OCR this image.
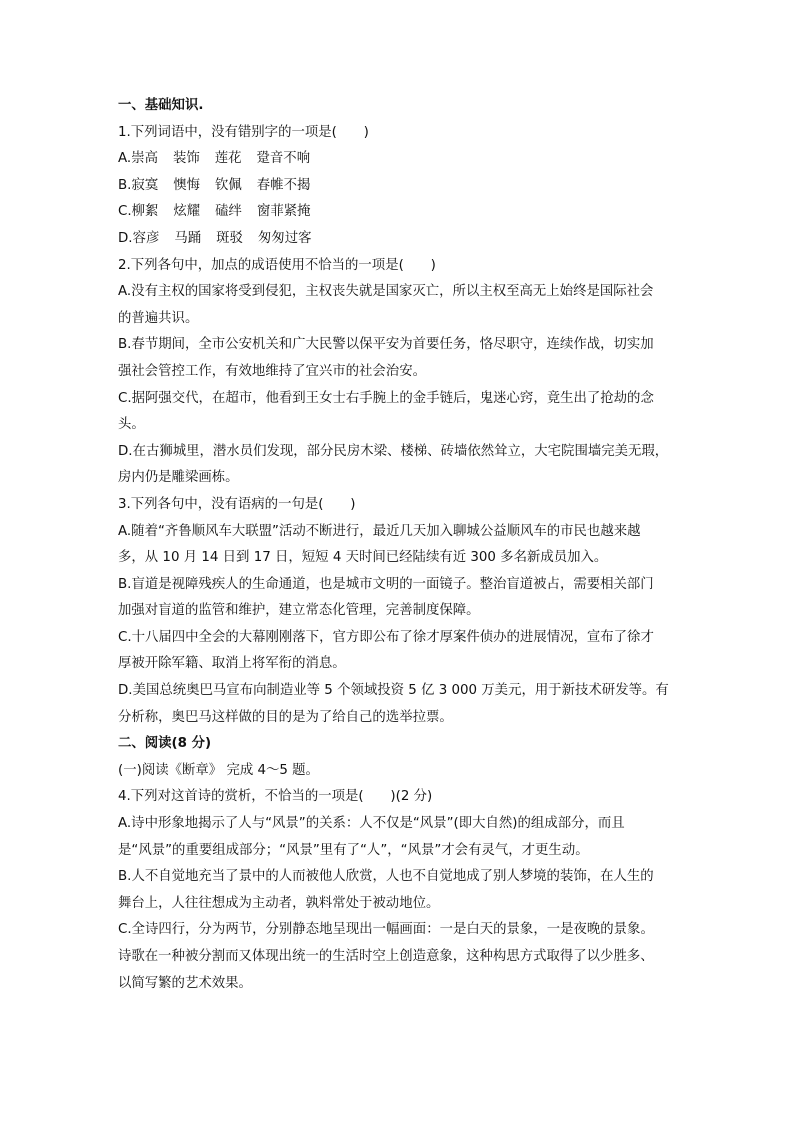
一、基础知识.
1.下列词语中，没有错别字的一项是(　　)
A.崇高 装饰 莲花 跫音不响
B.寂寞 懊悔 钦佩 春帷不揭
C.柳絮 炫耀 磕绊 窗菲紧掩
D.容彦 马踊 斑驳 匆匆过客
2.下列各句中，加点的成语使用不恰当的一项是(　　)
A.没有主权的国家将受到侵犯，主权丧失就是国家灭亡，所以主权至高无上始终是国际社会
的普遍共识。
B.春节期间，全市公安机关和广大民警以保平安为首要任务，恪尽职守，连续作战，切实加
强社会管控工作，有效地维持了宜兴市的社会治安。
C.据阿强交代，在超市，他看到王女士右手腕上的金手链后，鬼迷心窍，竟生出了抢劫的念
头。
D.在古狮城里，潜水员们发现，部分民房木梁、楼梯、砖墙依然耸立，大宅院围墙完美无瑕，
房内仍是雕梁画栋。
3.下列各句中，没有语病的一句是(　　)
A.随着“齐鲁顺风车大联盟”活动不断进行，最近几天加入聊城公益顺风车的市民也越来越
多，从 10 月 14 日到 17 日，短短 4 天时间已经陆续有近 300 多名新成员加入。
B.盲道是视障残疾人的生命通道，也是城市文明的一面镜子。整治盲道被占，需要相关部门
加强对盲道的监管和维护，建立常态化管理，完善制度保障。
C.十八届四中全会的大幕刚刚落下，官方即公布了徐才厚案件侦办的进展情况，宣布了徐才
厚被开除军籍、取消上将军衔的消息。
D.美国总统奥巴马宣布向制造业等 5 个领域投资 5 亿 3 000 万美元，用于新技术研发等。有
分析称，奥巴马这样做的目的是为了给自己的选举拉票。
二、阅读(8 分)
(一)阅读《断章》 完成 4～5 题。
4.下列对这首诗的赏析，不恰当的一项是(　　)(2 分)
A.诗中形象地揭示了人与“风景”的关系：人不仅是“风景”(即大自然)的组成部分，而且
是“风景”的重要组成部分；“风景”里有了“人”，“风景”才会有灵气，才更生动。
B.人不自觉地充当了景中的人而被他人欣赏，人也不自觉地成了别人梦境的装饰，在人生的
舞台上，人往往想成为主动者，孰料常处于被动地位。
C.全诗四行，分为两节，分别静态地呈现出一幅画面：一是白天的景象，一是夜晚的景象。
诗歌在一种被分割而又体现出统一的生活时空上创造意象，这种构思方式取得了以少胜多、
以简写繁的艺术效果。
